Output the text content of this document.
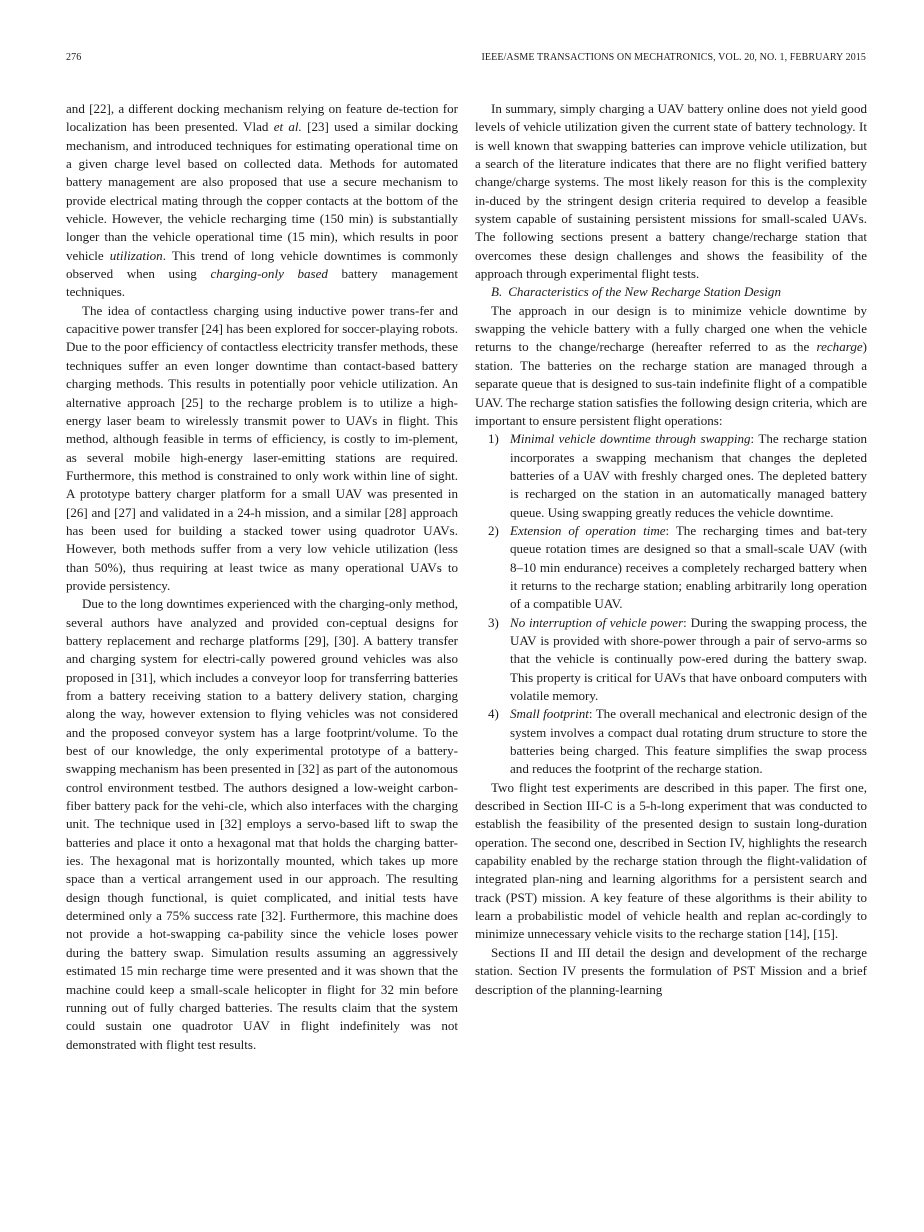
276	IEEE/ASME TRANSACTIONS ON MECHATRONICS, VOL. 20, NO. 1, FEBRUARY 2015

and [22], a different docking mechanism relying on feature de-tection for localization has been presented. Vlad et al. [23] used a similar docking mechanism, and introduced techniques for estimating operational time on a given charge level based on collected data. Methods for automated battery management are also proposed that use a secure mechanism to provide electrical mating through the copper contacts at the bottom of the vehicle. However, the vehicle recharging time (150 min) is substantially longer than the vehicle operational time (15 min), which results in poor vehicle utilization. This trend of long vehicle downtimes is commonly observed when using charging-only based battery management techniques.

The idea of contactless charging using inductive power trans-fer and capacitive power transfer [24] has been explored for soccer-playing robots. Due to the poor efficiency of contactless electricity transfer methods, these techniques suffer an even longer downtime than contact-based battery charging methods. This results in potentially poor vehicle utilization. An alternative approach [25] to the recharge problem is to utilize a high-energy laser beam to wirelessly transmit power to UAVs in flight. This method, although feasible in terms of efficiency, is costly to im-plement, as several mobile high-energy laser-emitting stations are required. Furthermore, this method is constrained to only work within line of sight. A prototype battery charger platform for a small UAV was presented in [26] and [27] and validated in a 24-h mission, and a similar [28] approach has been used for building a stacked tower using quadrotor UAVs. However, both methods suffer from a very low vehicle utilization (less than 50%), thus requiring at least twice as many operational UAVs to provide persistency.

Due to the long downtimes experienced with the charging-only method, several authors have analyzed and provided con-ceptual designs for battery replacement and recharge platforms [29], [30]. A battery transfer and charging system for electri-cally powered ground vehicles was also proposed in [31], which includes a conveyor loop for transferring batteries from a battery receiving station to a battery delivery station, charging along the way, however extension to flying vehicles was not considered and the proposed conveyor system has a large footprint/volume. To the best of our knowledge, the only experimental prototype of a battery-swapping mechanism has been presented in [32] as part of the autonomous control environment testbed. The authors designed a low-weight carbon-fiber battery pack for the vehi-cle, which also interfaces with the charging unit. The technique used in [32] employs a servo-based lift to swap the batteries and place it onto a hexagonal mat that holds the charging batter-ies. The hexagonal mat is horizontally mounted, which takes up more space than a vertical arrangement used in our approach. The resulting design though functional, is quiet complicated, and initial tests have determined only a 75% success rate [32]. Furthermore, this machine does not provide a hot-swapping ca-pability since the vehicle loses power during the battery swap. Simulation results assuming an aggressively estimated 15 min recharge time were presented and it was shown that the machine could keep a small-scale helicopter in flight for 32 min before running out of fully charged batteries. The results claim that the system could sustain one quadrotor UAV in flight indefinitely was not demonstrated with flight test results.

In summary, simply charging a UAV battery online does not yield good levels of vehicle utilization given the current state of battery technology. It is well known that swapping batteries can improve vehicle utilization, but a search of the literature indicates that there are no flight verified battery change/charge systems. The most likely reason for this is the complexity in-duced by the stringent design criteria required to develop a feasible system capable of sustaining persistent missions for small-scaled UAVs. The following sections present a battery change/recharge station that overcomes these design challenges and shows the feasibility of the approach through experimental flight tests.

B. Characteristics of the New Recharge Station Design

The approach in our design is to minimize vehicle downtime by swapping the vehicle battery with a fully charged one when the vehicle returns to the change/recharge (hereafter referred to as the recharge) station. The batteries on the recharge station are managed through a separate queue that is designed to sus-tain indefinite flight of a compatible UAV. The recharge station satisfies the following design criteria, which are important to ensure persistent flight operations:

1) Minimal vehicle downtime through swapping: The recharge station incorporates a swapping mechanism that changes the depleted batteries of a UAV with freshly charged ones. The depleted battery is recharged on the station in an automatically managed battery queue. Using swapping greatly reduces the vehicle downtime.
2) Extension of operation time: The recharging times and bat-tery queue rotation times are designed so that a small-scale UAV (with 8–10 min endurance) receives a completely recharged battery when it returns to the recharge station; enabling arbitrarily long operation of a compatible UAV.
3) No interruption of vehicle power: During the swapping process, the UAV is provided with shore-power through a pair of servo-arms so that the vehicle is continually pow-ered during the battery swap. This property is critical for UAVs that have onboard computers with volatile memory.
4) Small footprint: The overall mechanical and electronic design of the system involves a compact dual rotating drum structure to store the batteries being charged. This feature simplifies the swap process and reduces the footprint of the recharge station.

Two flight test experiments are described in this paper. The first one, described in Section III-C is a 5-h-long experiment that was conducted to establish the feasibility of the presented design to sustain long-duration operation. The second one, described in Section IV, highlights the research capability enabled by the recharge station through the flight-validation of integrated plan-ning and learning algorithms for a persistent search and track (PST) mission. A key feature of these algorithms is their ability to learn a probabilistic model of vehicle health and replan ac-cordingly to minimize unnecessary vehicle visits to the recharge station [14], [15].

Sections II and III detail the design and development of the recharge station. Section IV presents the formulation of PST Mission and a brief description of the planning-learning
